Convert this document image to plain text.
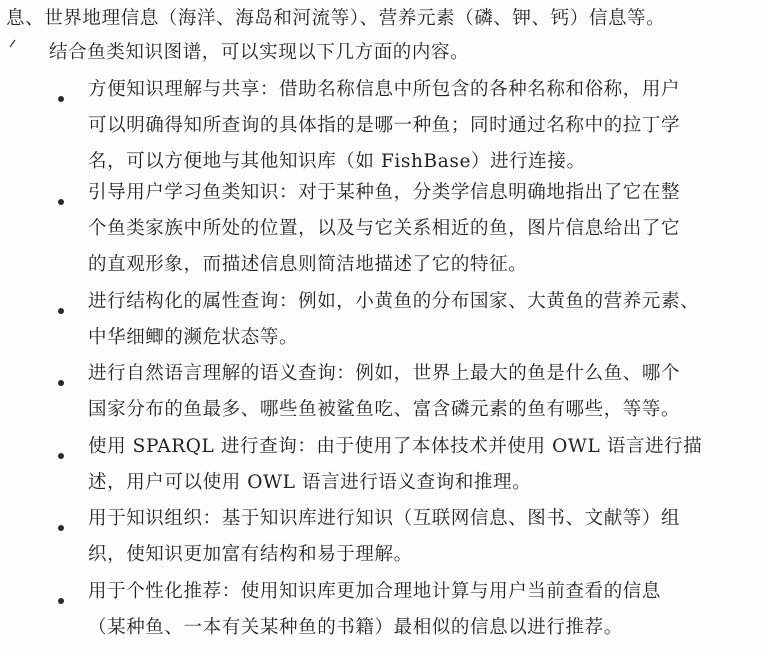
息、世界地理信息（海洋、海岛和河流等）、营养元素（磷、钾、钙）信息等。
结合鱼类知识图谱，可以实现以下几方面的内容。
方便知识理解与共享：借助名称信息中所包含的各种名称和俗称，用户
可以明确得知所查询的具体指的是哪一种鱼；同时通过名称中的拉丁学
名，可以方便地与其他知识库（如 FishBase）进行连接。
引导用户学习鱼类知识：对于某种鱼，分类学信息明确地指出了它在整
个鱼类家族中所处的位置，以及与它关系相近的鱼，图片信息给出了它
的直观形象，而描述信息则简洁地描述了它的特征。
进行结构化的属性查询：例如，小黄鱼的分布国家、大黄鱼的营养元素、
中华细鲫的濒危状态等。
进行自然语言理解的语义查询：例如，世界上最大的鱼是什么鱼、哪个
国家分布的鱼最多、哪些鱼被鲨鱼吃、富含磷元素的鱼有哪些，等等。
使用 SPARQL 进行查询：由于使用了本体技术并使用 OWL 语言进行描
述，用户可以使用 OWL 语言进行语义查询和推理。
用于知识组织：基于知识库进行知识（互联网信息、图书、文献等）组
织，使知识更加富有结构和易于理解。
用于个性化推荐：使用知识库更加合理地计算与用户当前查看的信息
（某种鱼、一本有关某种鱼的书籍）最相似的信息以进行推荐。
